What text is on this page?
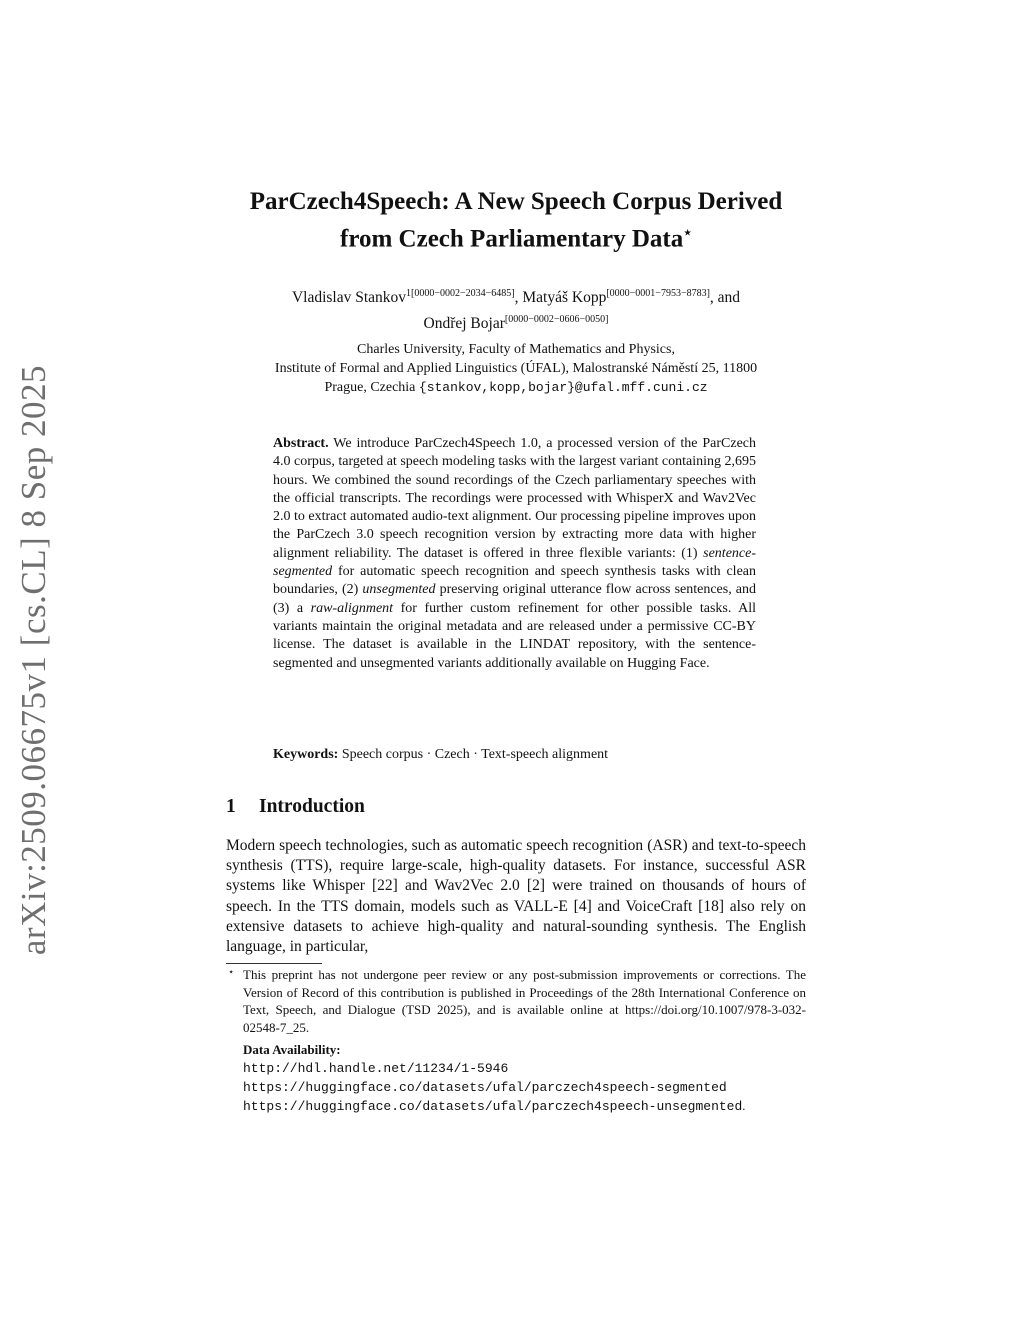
arXiv:2509.06675v1 [cs.CL] 8 Sep 2025
ParCzech4Speech: A New Speech Corpus Derived
from Czech Parliamentary Data⋆
Vladislav Stankov$^{1[0000-0002-2034-6485]}$, Matyáš Kopp[0000−0001−7953−8783], and
Ondřej Bojar[0000−0002−0606−0050]
Charles University, Faculty of Mathematics and Physics,
Institute of Formal and Applied Linguistics (ÚFAL), Malostranské Náměstí 25, 11800
Prague, Czechia {stankov,kopp,bojar}@ufal.mff.cuni.cz
Abstract. We introduce ParCzech4Speech 1.0, a processed version of the ParCzech 4.0 corpus, targeted at speech modeling tasks with the largest variant containing 2,695 hours. We combined the sound recordings of the Czech parliamentary speeches with the official transcripts. The recordings were processed with WhisperX and Wav2Vec 2.0 to extract automated audio-text alignment. Our processing pipeline improves upon the ParCzech 3.0 speech recognition version by extracting more data with higher alignment reliability. The dataset is offered in three flexible variants: (1) sentence-segmented for automatic speech recognition and speech synthesis tasks with clean boundaries, (2) unsegmented preserving original utterance flow across sentences, and (3) a raw-alignment for further custom refinement for other possible tasks. All variants maintain the original metadata and are released under a permissive CC-BY license. The dataset is available in the LINDAT repository, with the sentence-segmented and unsegmented variants additionally available on Hugging Face.
Keywords: Speech corpus · Czech · Text-speech alignment
1 Introduction

Modern speech technologies, such as automatic speech recognition (ASR) and text-to-speech synthesis (TTS), require large-scale, high-quality datasets. For instance, successful ASR systems like Whisper [22] and Wav2Vec 2.0 [2] were trained on thousands of hours of speech. In the TTS domain, models such as VALL-E [4] and VoiceCraft [18] also rely on extensive datasets to achieve high-quality and natural-sounding synthesis. The English language, in particular,

⋆ This preprint has not undergone peer review or any post-submission improvements or corrections. The Version of Record of this contribution is published in Proceedings of the 28th International Conference on Text, Speech, and Dialogue (TSD 2025), and is available online at https://doi.org/10.1007/978-3-032-02548-7_25.
Data Availability:
http://hdl.handle.net/11234/1-5946
https://huggingface.co/datasets/ufal/parczech4speech-segmented
https://huggingface.co/datasets/ufal/parczech4speech-unsegmented.
